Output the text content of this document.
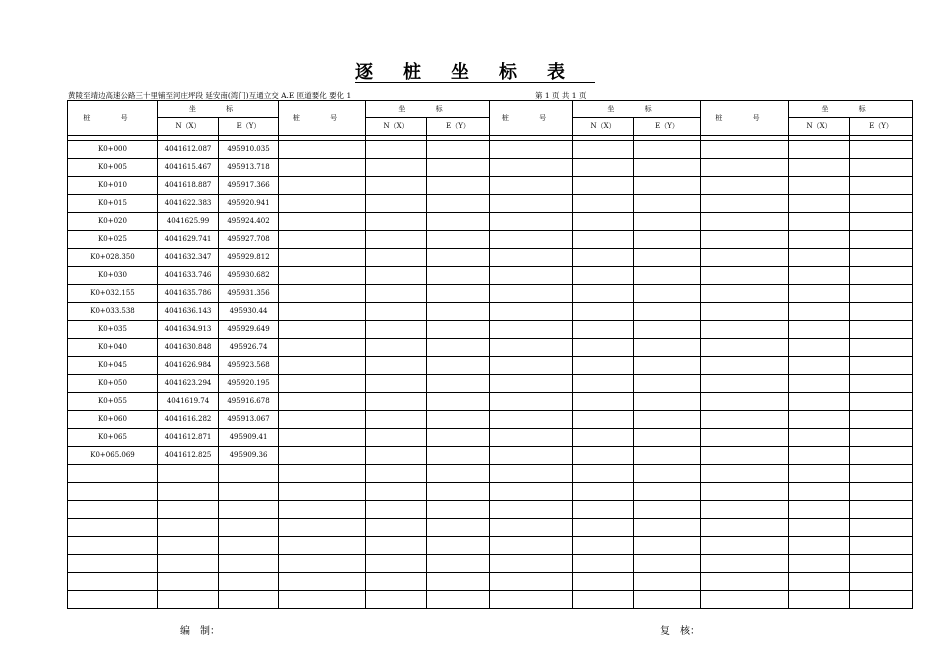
逐桩坐标表
黄陵至靖边高速公路三十里铺至河庄坪段 延安南(湾门)互通立交 A.E 匝道要化 要化 1	第 1 页 共 1 页
桩 号	坐 标		桩 号	坐 标		桩 号	坐 标		桩 号	坐 标	
	N（X）	E（Y）		N（X）	E（Y）		N（X）	E（Y）		N（X）	E（Y）

K0+000	4041612.087	495910.035									
K0+005	4041615.467	495913.718									
K0+010	4041618.887	495917.366									
K0+015	4041622.383	495920.941									
K0+020	4041625.99	495924.402									
K0+025	4041629.741	495927.708									
K0+028.350	4041632.347	495929.812									
K0+030	4041633.746	495930.682									
K0+032.155	4041635.786	495931.356									
K0+033.538	4041636.143	495930.44									
K0+035	4041634.913	495929.649									
K0+040	4041630.848	495926.74									
K0+045	4041626.984	495923.568									
K0+050	4041623.294	495920.195									
K0+055	4041619.74	495916.678									
K0+060	4041616.282	495913.067									
K0+065	4041612.871	495909.41									
K0+065.069	4041612.825	495909.36									

编　制：	复　核：
